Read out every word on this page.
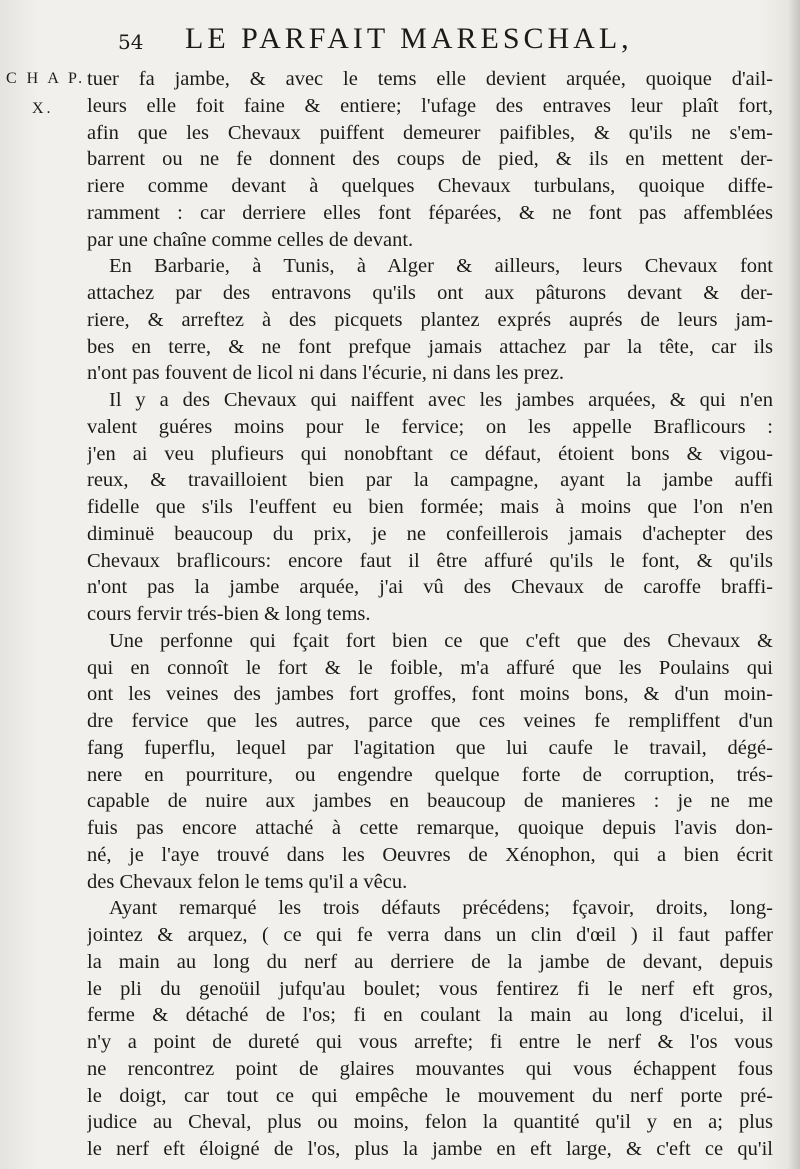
54 LE PARFAIT MARESCHAL,
C H A P.
X.
tuer fa jambe, & avec le tems elle devient arquée, quoique d'ail-
leurs elle foit faine & entiere; l'ufage des entraves leur plaît fort,
afin que les Chevaux puiffent demeurer paifibles, & qu'ils ne s'em-
barrent ou ne fe donnent des coups de pied, & ils en mettent der-
riere comme devant à quelques Chevaux turbulans, quoique diffe-
ramment : car derriere elles font féparées, & ne font pas affemblées
par une chaîne comme celles de devant.
En Barbarie, à Tunis, à Alger & ailleurs, leurs Chevaux font
attachez par des entravons qu'ils ont aux pâturons devant & der-
riere, & arreftez à des picquets plantez exprés auprés de leurs jam-
bes en terre, & ne font prefque jamais attachez par la tête, car ils
n'ont pas fouvent de licol ni dans l'écurie, ni dans les prez.
Il y a des Chevaux qui naiffent avec les jambes arquées, & qui n'en
valent guéres moins pour le fervice; on les appelle Braflicours :
j'en ai veu plufieurs qui nonobftant ce défaut, étoient bons & vigou-
reux, & travailloient bien par la campagne, ayant la jambe auffi
fidelle que s'ils l'euffent eu bien formée; mais à moins que l'on n'en
diminuë beaucoup du prix, je ne confeillerois jamais d'achepter des
Chevaux braflicours: encore faut il être affuré qu'ils le font, & qu'ils
n'ont pas la jambe arquée, j'ai vû des Chevaux de caroffe braffi-
cours fervir trés-bien & long tems.
Une perfonne qui fçait fort bien ce que c'eft que des Chevaux &
qui en connoît le fort & le foible, m'a affuré que les Poulains qui
ont les veines des jambes fort groffes, font moins bons, & d'un moin-
dre fervice que les autres, parce que ces veines fe rempliffent d'un
fang fuperflu, lequel par l'agitation que lui caufe le travail, dégé-
nere en pourriture, ou engendre quelque forte de corruption, trés-
capable de nuire aux jambes en beaucoup de manieres : je ne me
fuis pas encore attaché à cette remarque, quoique depuis l'avis don-
né, je l'aye trouvé dans les Oeuvres de Xénophon, qui a bien écrit
des Chevaux felon le tems qu'il a vêcu.
Ayant remarqué les trois défauts précédens; fçavoir, droits, long-
jointez & arquez, ( ce qui fe verra dans un clin d'œil ) il faut paffer
la main au long du nerf au derriere de la jambe de devant, depuis
le pli du genoüil jufqu'au boulet; vous fentirez fi le nerf eft gros,
ferme & détaché de l'os; fi en coulant la main au long d'icelui, il
n'y a point de dureté qui vous arrefte; fi entre le nerf & l'os vous
ne rencontrez point de glaires mouvantes qui vous échappent fous
le doigt, car tout ce qui empêche le mouvement du nerf porte pré-
judice au Cheval, plus ou moins, felon la quantité qu'il y en a; plus
le nerf eft éloigné de l'os, plus la jambe en eft large, & c'eft ce qu'il
